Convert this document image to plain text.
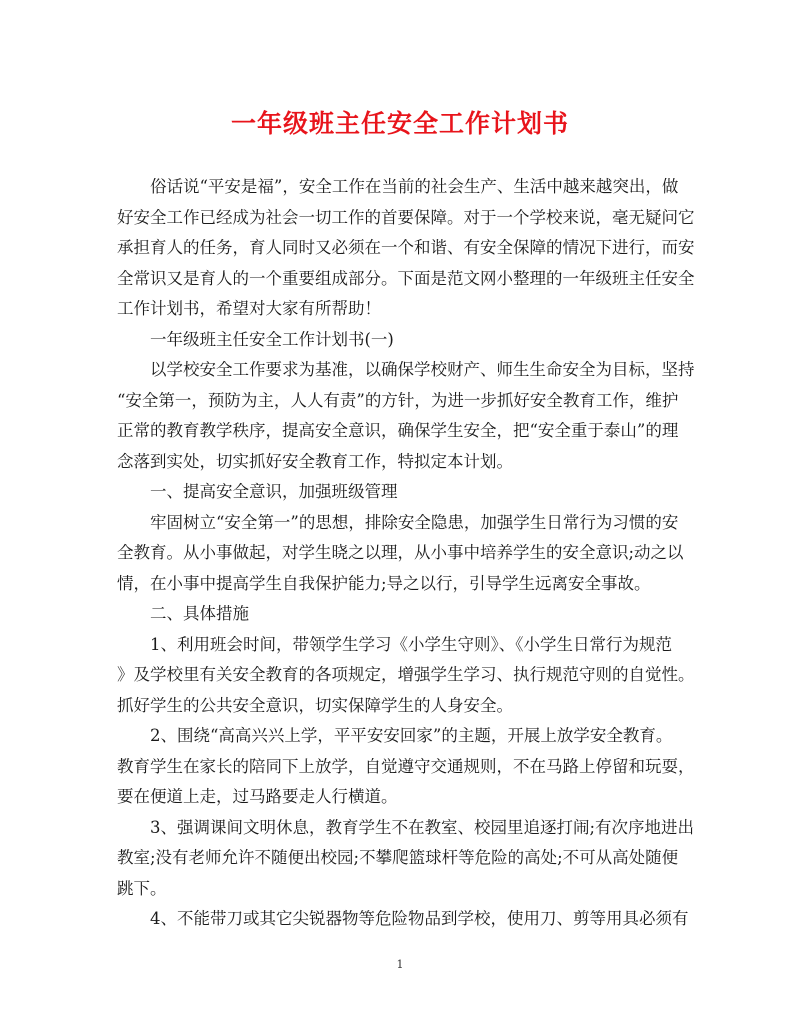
一年级班主任安全工作计划书
俗话说“平安是福”，安全工作在当前的社会生产、生活中越来越突出，做
好安全工作已经成为社会一切工作的首要保障。对于一个学校来说，毫无疑问它
承担育人的任务，育人同时又必须在一个和谐、有安全保障的情况下进行，而安
全常识又是育人的一个重要组成部分。下面是范文网小整理的一年级班主任安全
工作计划书，希望对大家有所帮助！
一年级班主任安全工作计划书(一)
以学校安全工作要求为基准，以确保学校财产、师生生命安全为目标，坚持
“安全第一，预防为主，人人有责”的方针，为进一步抓好安全教育工作，维护
正常的教育教学秩序，提高安全意识，确保学生安全，把“安全重于泰山”的理
念落到实处，切实抓好安全教育工作，特拟定本计划。
一、提高安全意识，加强班级管理
牢固树立“安全第一”的思想，排除安全隐患，加强学生日常行为习惯的安
全教育。从小事做起，对学生晓之以理，从小事中培养学生的安全意识;动之以
情，在小事中提高学生自我保护能力;导之以行，引导学生远离安全事故。
二、具体措施
1、利用班会时间，带领学生学习《小学生守则》、《小学生日常行为规范
》及学校里有关安全教育的各项规定，增强学生学习、执行规范守则的自觉性。
抓好学生的公共安全意识，切实保障学生的人身安全。
2、围绕“高高兴兴上学，平平安安回家”的主题，开展上放学安全教育。
教育学生在家长的陪同下上放学，自觉遵守交通规则，不在马路上停留和玩耍，
要在便道上走，过马路要走人行横道。
3、强调课间文明休息，教育学生不在教室、校园里追逐打闹;有次序地进出
教室;没有老师允许不随便出校园;不攀爬篮球杆等危险的高处;不可从高处随便
跳下。
4、不能带刀或其它尖锐器物等危险物品到学校，使用刀、剪等用具必须有
1
